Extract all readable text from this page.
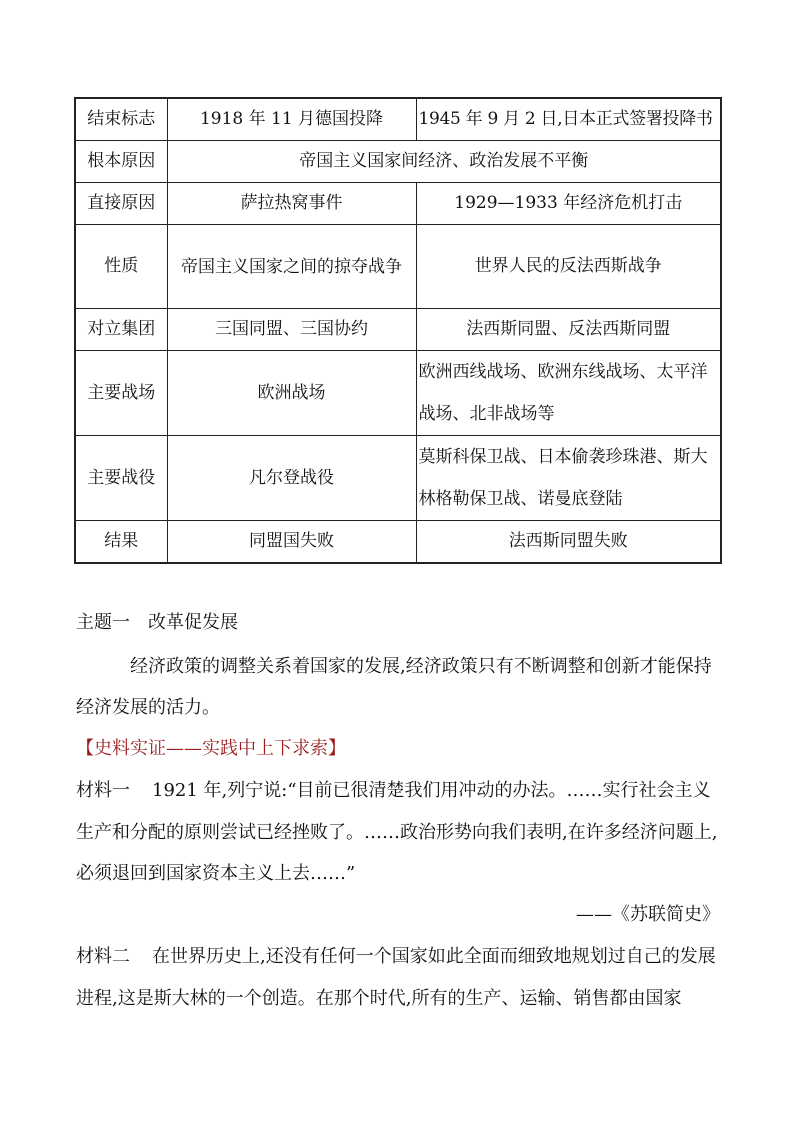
结束标志	1918 年 11 月德国投降	1945 年 9 月 2 日,日本正式签署投降书
根本原因	帝国主义国家间经济、政治发展不平衡	
直接原因	萨拉热窝事件	1929—1933 年经济危机打击
性质	帝国主义国家之间的掠夺战争	世界人民的反法西斯战争
对立集团	三国同盟、三国协约	法西斯同盟、反法西斯同盟
主要战场	欧洲战场	欧洲西线战场、欧洲东线战场、太平洋战场、北非战场等
主要战役	凡尔登战役	莫斯科保卫战、日本偷袭珍珠港、斯大林格勒保卫战、诺曼底登陆
结果	同盟国失败	法西斯同盟失败
主题一　改革促发展
经济政策的调整关系着国家的发展,经济政策只有不断调整和创新才能保持经济发展的活力。
【史料实证——实践中上下求索】
材料一 1921 年,列宁说:“目前已很清楚我们用冲动的办法。……实行社会主义生产和分配的原则尝试已经挫败了。……政治形势向我们表明,在许多经济问题上,必须退回到国家资本主义上去……”
——《苏联简史》
材料二 在世界历史上,还没有任何一个国家如此全面而细致地规划过自己的发展进程,这是斯大林的一个创造。在那个时代,所有的生产、运输、销售都由国家
